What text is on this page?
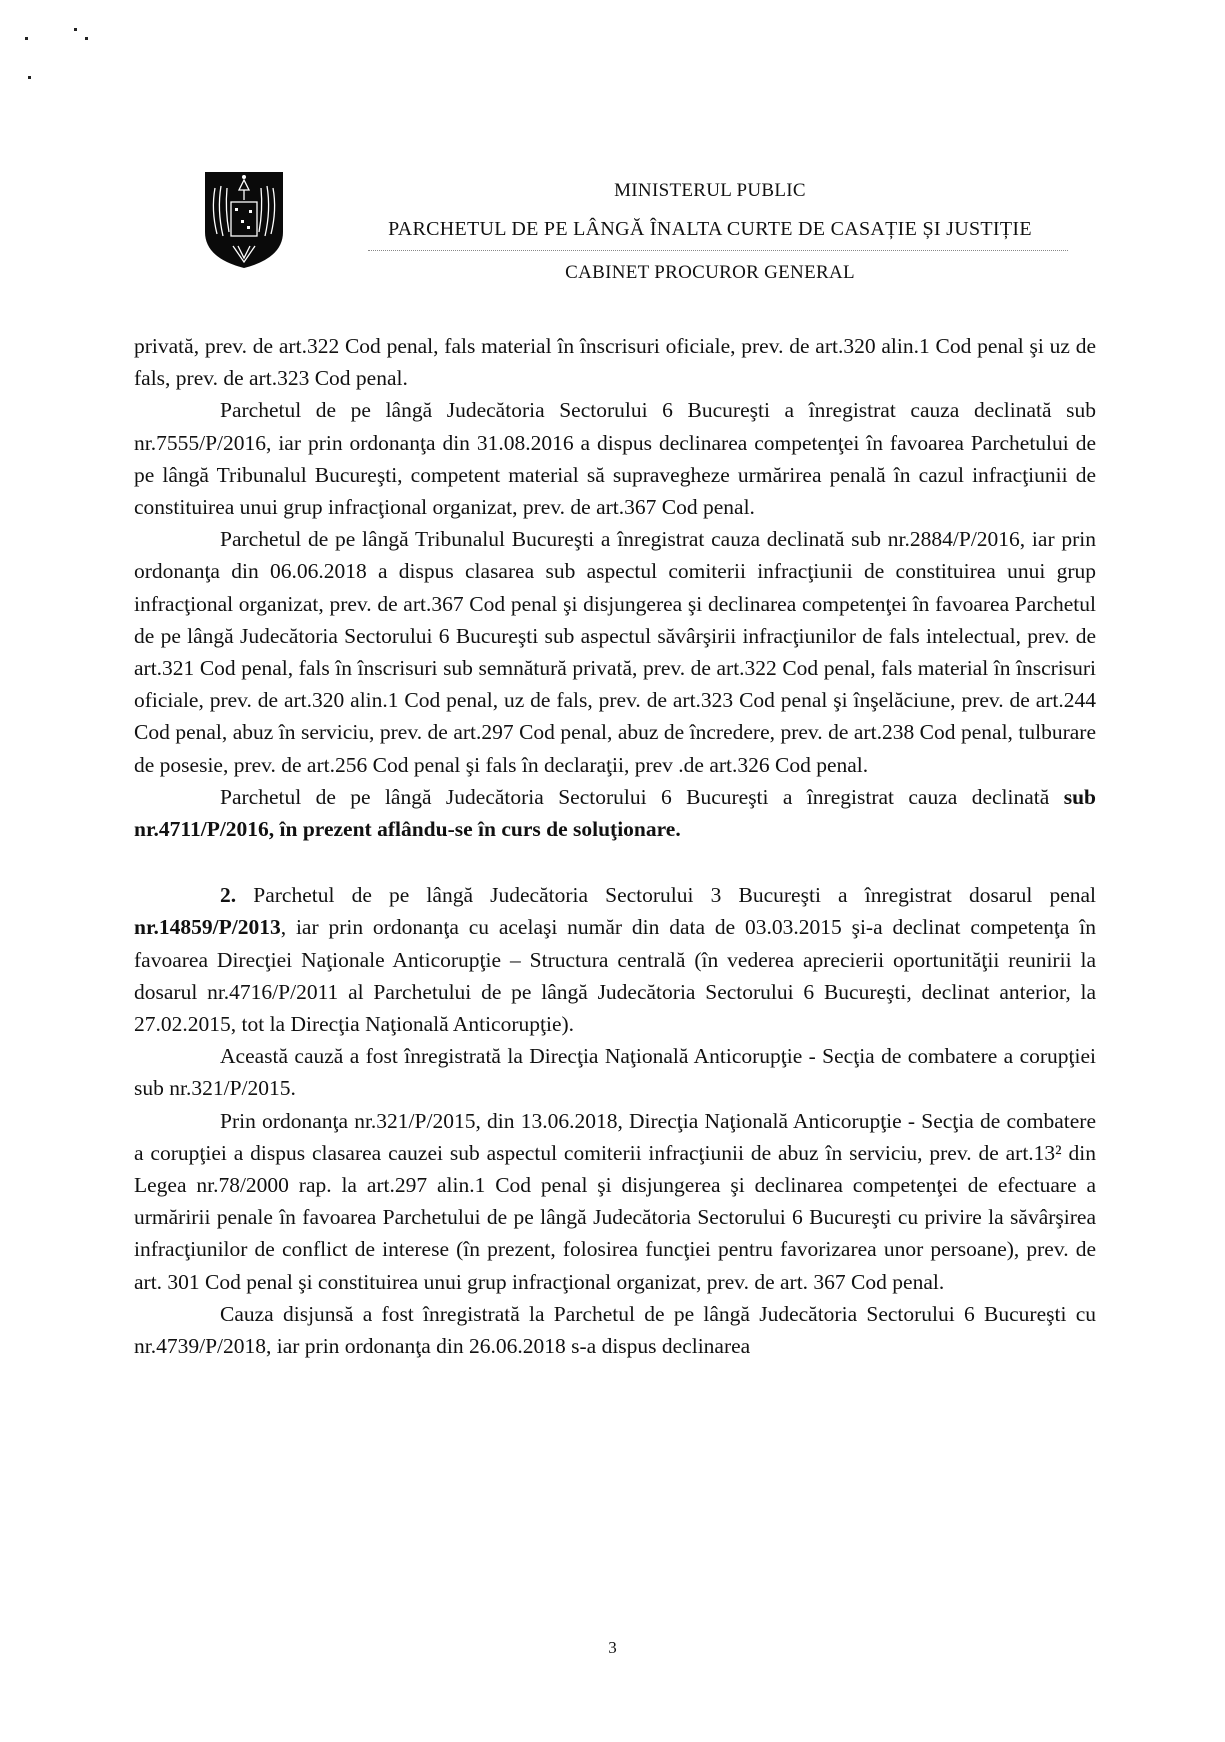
MINISTERUL PUBLIC
PARCHETUL DE PE LÂNGĂ ÎNALTA CURTE DE CASAȚIE ȘI JUSTIȚIE
CABINET PROCUROR GENERAL

privată, prev. de art.322 Cod penal, fals material în înscrisuri oficiale, prev. de art.320 alin.1 Cod penal şi uz de fals, prev. de art.323 Cod penal.

Parchetul de pe lângă Judecătoria Sectorului 6 Bucureşti a înregistrat cauza declinată sub nr.7555/P/2016, iar prin ordonanţa din 31.08.2016 a dispus declinarea competenţei în favoarea Parchetului de pe lângă Tribunalul Bucureşti, competent material să supravegheze urmărirea penală în cazul infracţiunii de constituirea unui grup infracţional organizat, prev. de art.367 Cod penal.

Parchetul de pe lângă Tribunalul Bucureşti a înregistrat cauza declinată sub nr.2884/P/2016, iar prin ordonanţa din 06.06.2018 a dispus clasarea sub aspectul comiterii infracţiunii de constituirea unui grup infracţional organizat, prev. de art.367 Cod penal şi disjungerea şi declinarea competenţei în favoarea Parchetul de pe lângă Judecătoria Sectorului 6 Bucureşti sub aspectul săvârşirii infracţiunilor de fals intelectual, prev. de art.321 Cod penal, fals în înscrisuri sub semnătură privată, prev. de art.322 Cod penal, fals material în înscrisuri oficiale, prev. de art.320 alin.1 Cod penal, uz de fals, prev. de art.323 Cod penal şi înşelăciune, prev. de art.244 Cod penal, abuz în serviciu, prev. de art.297 Cod penal, abuz de încredere, prev. de art.238 Cod penal, tulburare de posesie, prev. de art.256 Cod penal şi fals în declaraţii, prev .de art.326 Cod penal.

Parchetul de pe lângă Judecătoria Sectorului 6 Bucureşti a înregistrat cauza declinată sub nr.4711/P/2016, în prezent aflându-se în curs de soluţionare.

2. Parchetul de pe lângă Judecătoria Sectorului 3 Bucureşti a înregistrat dosarul penal nr.14859/P/2013, iar prin ordonanţa cu acelaşi număr din data de 03.03.2015 şi-a declinat competenţa în favoarea Direcţiei Naţionale Anticorupţie – Structura centrală (în vederea aprecierii oportunităţii reunirii la dosarul nr.4716/P/2011 al Parchetului de pe lângă Judecătoria Sectorului 6 Bucureşti, declinat anterior, la 27.02.2015, tot la Direcţia Naţională Anticorupţie).

Această cauză a fost înregistrată la Direcţia Naţională Anticorupţie - Secţia de combatere a corupţiei sub nr.321/P/2015.

Prin ordonanţa nr.321/P/2015, din 13.06.2018, Direcţia Naţională Anticorupţie - Secţia de combatere a corupţiei a dispus clasarea cauzei sub aspectul comiterii infracţiunii de abuz în serviciu, prev. de art.13² din Legea nr.78/2000 rap. la art.297 alin.1 Cod penal şi disjungerea şi declinarea competenţei de efectuare a urmăririi penale în favoarea Parchetului de pe lângă Judecătoria Sectorului 6 Bucureşti cu privire la săvârşirea infracţiunilor de conflict de interese (în prezent, folosirea funcţiei pentru favorizarea unor persoane), prev. de art. 301 Cod penal şi constituirea unui grup infracţional organizat, prev. de art. 367 Cod penal.

Cauza disjunsă a fost înregistrată la Parchetul de pe lângă Judecătoria Sectorului 6 Bucureşti cu nr.4739/P/2018, iar prin ordonanţa din 26.06.2018 s-a dispus declinarea

3
